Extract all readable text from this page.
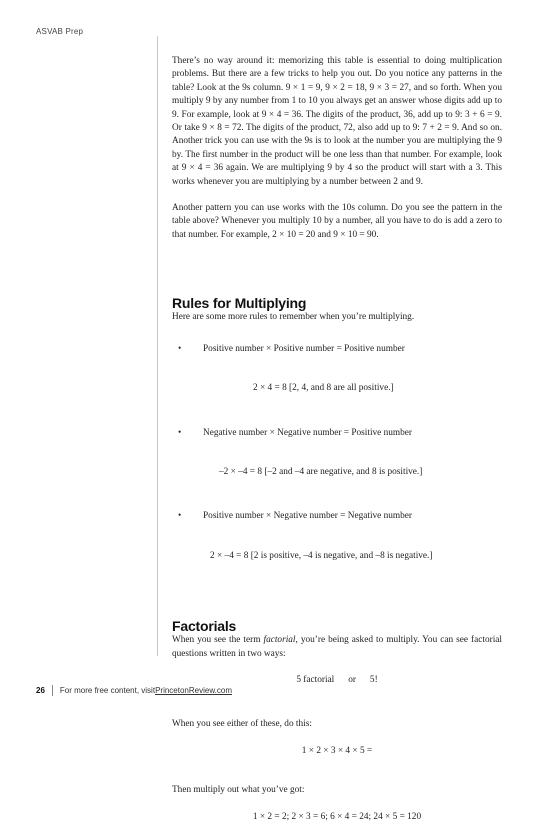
ASVAB Prep

There’s no way around it: memorizing this table is essential to doing multiplication problems. But there are a few tricks to help you out. Do you notice any patterns in the table? Look at the 9s column. 9 × 1 = 9, 9 × 2 = 18, 9 × 3 = 27, and so forth. When you multiply 9 by any number from 1 to 10 you always get an answer whose digits add up to 9. For example, look at 9 × 4 = 36. The digits of the product, 36, add up to 9: 3 + 6 = 9. Or take 9 × 8 = 72. The digits of the product, 72, also add up to 9: 7 + 2 = 9. And so on. Another trick you can use with the 9s is to look at the number you are multiplying the 9 by. The first number in the product will be one less than that number. For example, look at 9 × 4 = 36 again. We are multiplying 9 by 4 so the product will start with a 3. This works whenever you are multiplying by a number between 2 and 9.

Another pattern you can use works with the 10s column. Do you see the pattern in the table above? Whenever you multiply 10 by a number, all you have to do is add a zero to that number. For example, 2 × 10 = 20 and 9 × 10 = 90.

Rules for Multiplying

Here are some more rules to remember when you’re multiplying.

• Positive number × Positive number = Positive number

2 × 4 = 8 [2, 4, and 8 are all positive.]

• Negative number × Negative number = Positive number

–2 × –4 = 8 [–2 and –4 are negative, and 8 is positive.]

• Positive number × Negative number = Negative number

2 × –4 = 8 [2 is positive, –4 is negative, and –8 is negative.]

Factorials

When you see the term factorial, you’re being asked to multiply. You can see factorial questions written in two ways:

5 factorial or 5!

When you see either of these, do this:

1 × 2 × 3 × 4 × 5 =

Then multiply out what you’ve got:

1 × 2 = 2; 2 × 3 = 6; 6 × 4 = 24; 24 × 5 = 120

26 For more free content, visit PrincetonReview.com
